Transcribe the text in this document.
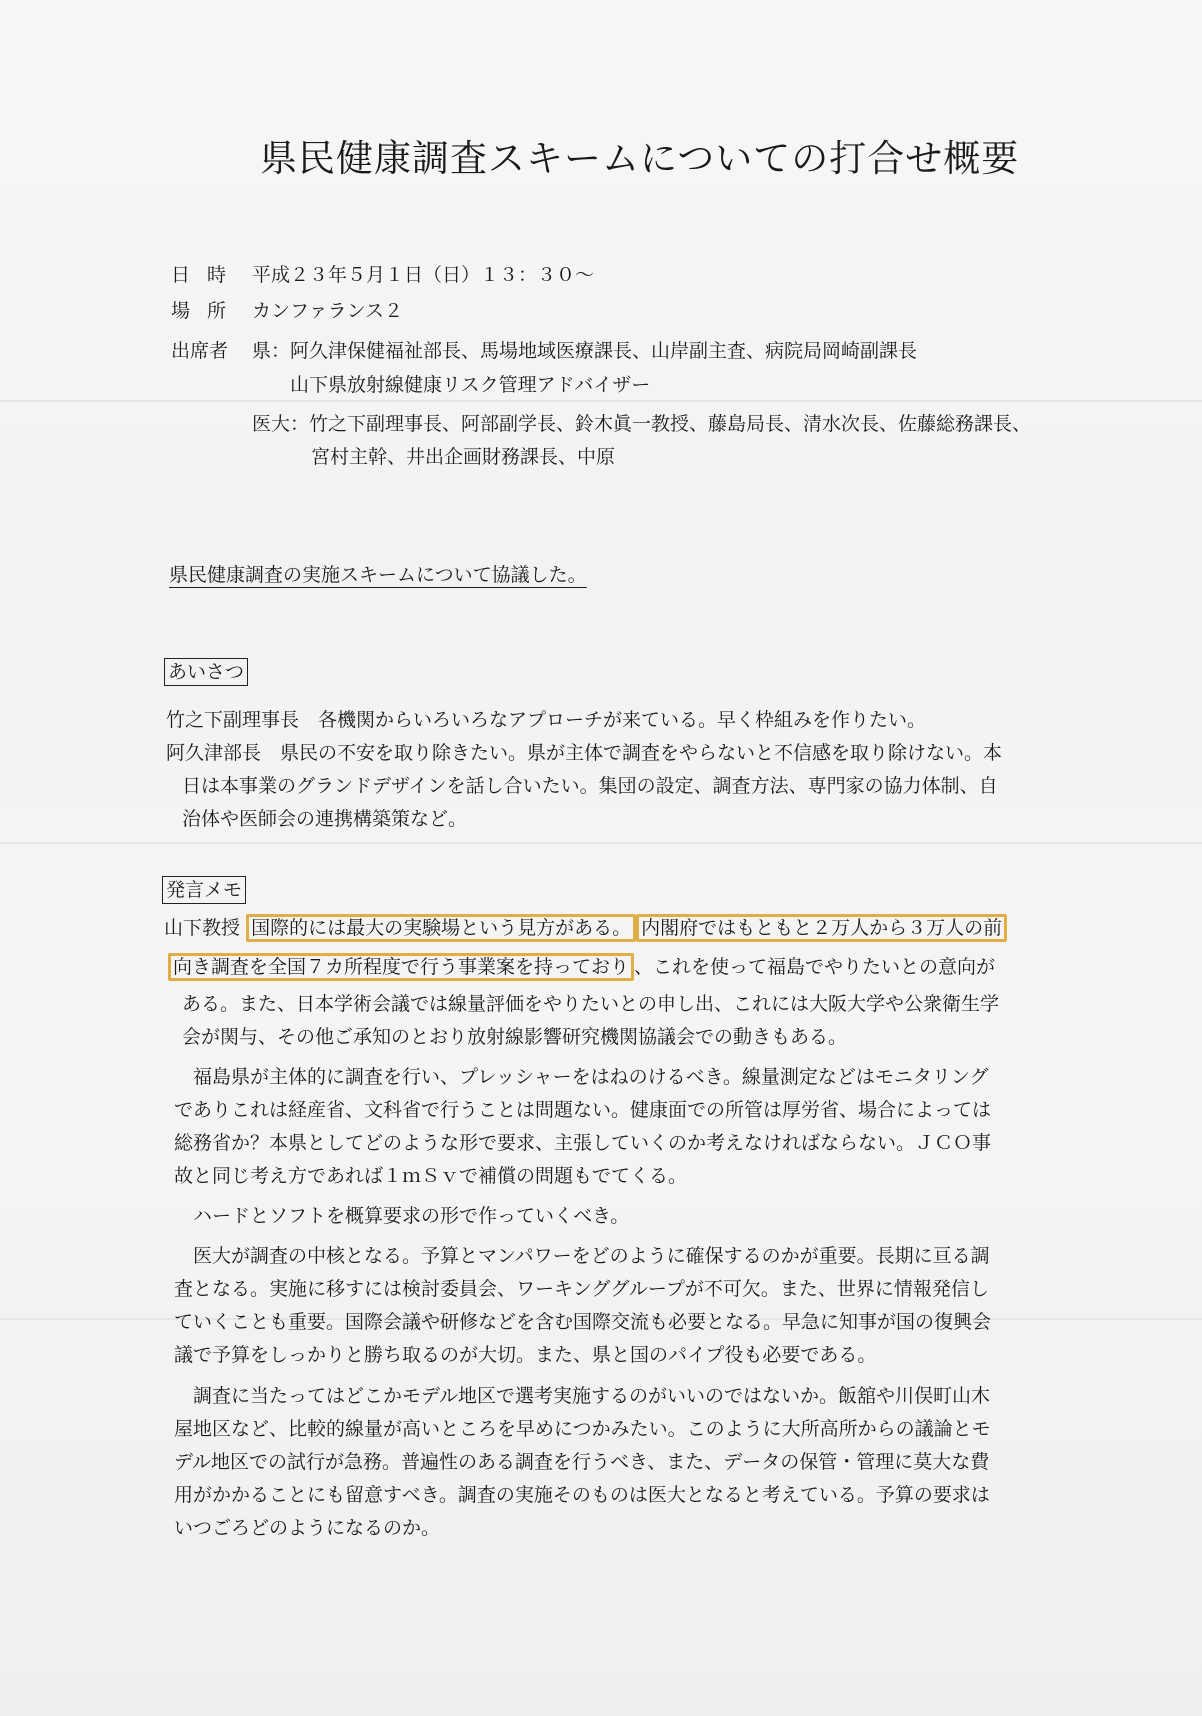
県民健康調査スキームについての打合せ概要
日時 平成２３年５月１日（日）１３：３０〜
場所 カンファランス２
出席者 県：阿久津保健福祉部長、馬場地域医療課長、山岸副主査、病院局岡崎副課長
山下県放射線健康リスク管理アドバイザー
医大：竹之下副理事長、阿部副学長、鈴木眞一教授、藤島局長、清水次長、佐藤総務課長、
宮村主幹、井出企画財務課長、中原
県民健康調査の実施スキームについて協議した。
あいさつ
竹之下副理事長　各機関からいろいろなアプローチが来ている。早く枠組みを作りたい。
阿久津部長　県民の不安を取り除きたい。県が主体で調査をやらないと不信感を取り除けない。本
日は本事業のグランドデザインを話し合いたい。集団の設定、調査方法、専門家の協力体制、自
治体や医師会の連携構築策など。
発言メモ
山下教授 国際的には最大の実験場という見方がある。 内閣府ではもともと２万人から３万人の前
向き調査を全国７カ所程度で行う事業案を持っており 、これを使って福島でやりたいとの意向が
ある。また、日本学術会議では線量評価をやりたいとの申し出、これには大阪大学や公衆衛生学
会が関与、その他ご承知のとおり放射線影響研究機関協議会での動きもある。
　福島県が主体的に調査を行い、プレッシャーをはねのけるべき。線量測定などはモニタリング
でありこれは経産省、文科省で行うことは問題ない。健康面での所管は厚労省、場合によっては
総務省か？本県としてどのような形で要求、主張していくのか考えなければならない。ＪＣＯ事
故と同じ考え方であれば１ｍＳｖで補償の問題もでてくる。
　ハードとソフトを概算要求の形で作っていくべき。
　医大が調査の中核となる。予算とマンパワーをどのように確保するのかが重要。長期に亘る調
査となる。実施に移すには検討委員会、ワーキンググループが不可欠。また、世界に情報発信し
ていくことも重要。国際会議や研修などを含む国際交流も必要となる。早急に知事が国の復興会
議で予算をしっかりと勝ち取るのが大切。また、県と国のパイプ役も必要である。
　調査に当たってはどこかモデル地区で選考実施するのがいいのではないか。飯舘や川俣町山木
屋地区など、比較的線量が高いところを早めにつかみたい。このように大所高所からの議論とモ
デル地区での試行が急務。普遍性のある調査を行うべき、また、データの保管・管理に莫大な費
用がかかることにも留意すべき。調査の実施そのものは医大となると考えている。予算の要求は
いつごろどのようになるのか。
